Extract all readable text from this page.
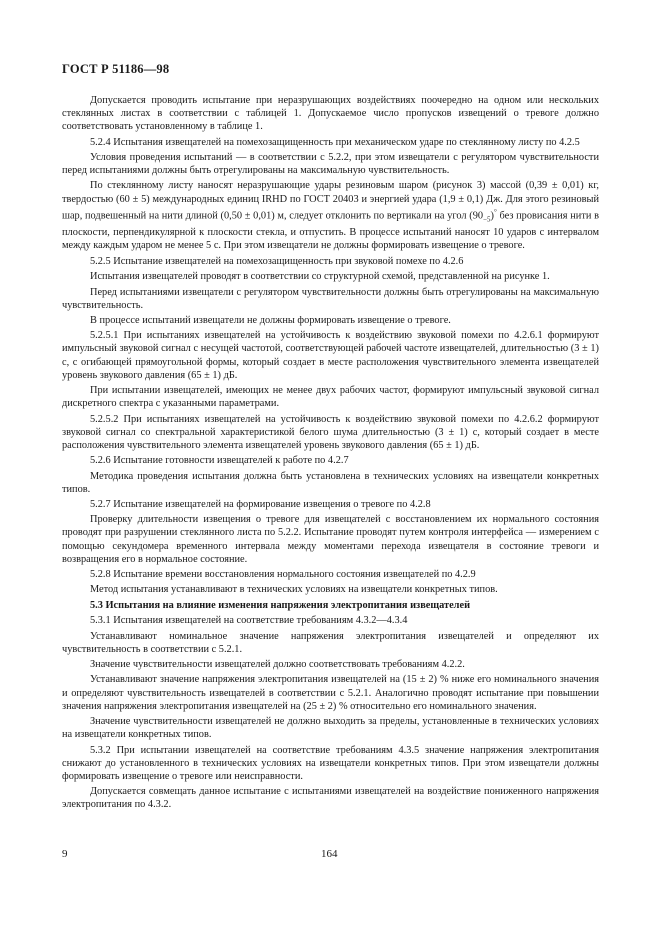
ГОСТ Р 51186—98

Допускается проводить испытание при неразрушающих воздействиях поочередно на одном или нескольких стеклянных листах в соответствии с таблицей 1. Допускаемое число пропусков извещений о тревоге должно соответствовать установленному в таблице 1.

5.2.4 Испытания извещателей на помехозащищенность при механическом ударе по стеклянному листу по 4.2.5

Условия проведения испытаний — в соответствии с 5.2.2, при этом извещатели с регулятором чувствительности перед испытаниями должны быть отрегулированы на максимальную чувствительность.

По стеклянному листу наносят неразрушающие удары резиновым шаром (рисунок 3) массой (0,39 ± 0,01) кг, твердостью (60 ± 5) международных единиц IRHD по ГОСТ 20403 и энергией удара (1,9 ± 0,1) Дж. Для этого резиновый шар, подвешенный на нити длиной (0,50 ± 0,01) м, следует отклонить по вертикали на угол $(90_{-5})^\circ$ без провисания нити в плоскости, перпендикулярной к плоскости стекла, и отпустить. В процессе испытаний наносят 10 ударов с интервалом между каждым ударом не менее 5 с. При этом извещатели не должны формировать извещение о тревоге.

5.2.5 Испытание извещателей на помехозащищенность при звуковой помехе по 4.2.6

Испытания извещателей проводят в соответствии со структурной схемой, представленной на рисунке 1.

Перед испытаниями извещатели с регулятором чувствительности должны быть отрегулированы на максимальную чувствительность.

В процессе испытаний извещатели не должны формировать извещение о тревоге.

5.2.5.1 При испытаниях извещателей на устойчивость к воздействию звуковой помехи по 4.2.6.1 формируют импульсный звуковой сигнал с несущей частотой, соответствующей рабочей частоте извещателей, длительностью (3 ± 1) с, с огибающей прямоугольной формы, который создает в месте расположения чувствительного элемента извещателей уровень звукового давления (65 ± 1) дБ.

При испытании извещателей, имеющих не менее двух рабочих частот, формируют импульсный звуковой сигнал дискретного спектра с указанными параметрами.

5.2.5.2 При испытаниях извещателей на устойчивость к воздействию звуковой помехи по 4.2.6.2 формируют звуковой сигнал со спектральной характеристикой белого шума длительностью (3 ± 1) с, который создает в месте расположения чувствительного элемента извещателей уровень звукового давления (65 ± 1) дБ.

5.2.6 Испытание готовности извещателей к работе по 4.2.7

Методика проведения испытания должна быть установлена в технических условиях на извещатели конкретных типов.

5.2.7 Испытание извещателей на формирование извещения о тревоге по 4.2.8

Проверку длительности извещения о тревоге для извещателей с восстановлением их нормального состояния проводят при разрушении стеклянного листа по 5.2.2. Испытание проводят путем контроля интерфейса — измерением с помощью секундомера временного интервала между моментами перехода извещателя в состояние тревоги и возвращения его в нормальное состояние.

5.2.8 Испытание времени восстановления нормального состояния извещателей по 4.2.9

Метод испытания устанавливают в технических условиях на извещатели конкретных типов.

5.3 Испытания на влияние изменения напряжения электропитания извещателей

5.3.1 Испытания извещателей на соответствие требованиям 4.3.2—4.3.4

Устанавливают номинальное значение напряжения электропитания извещателей и определяют их чувствительность в соответствии с 5.2.1.

Значение чувствительности извещателей должно соответствовать требованиям 4.2.2.

Устанавливают значение напряжения электропитания извещателей на (15 ± 2) % ниже его номинального значения и определяют чувствительность извещателей в соответствии с 5.2.1. Аналогично проводят испытание при повышении значения напряжения электропитания извещателей на (25 ± 2) % относительно его номинального значения.

Значение чувствительности извещателей не должно выходить за пределы, установленные в технических условиях на извещатели конкретных типов.

5.3.2 При испытании извещателей на соответствие требованиям 4.3.5 значение напряжения электропитания снижают до установленного в технических условиях на извещатели конкретных типов. При этом извещатели должны формировать извещение о тревоге или неисправности.

Допускается совмещать данное испытание с испытаниями извещателей на воздействие пониженного напряжения электропитания по 4.3.2.

9	164
